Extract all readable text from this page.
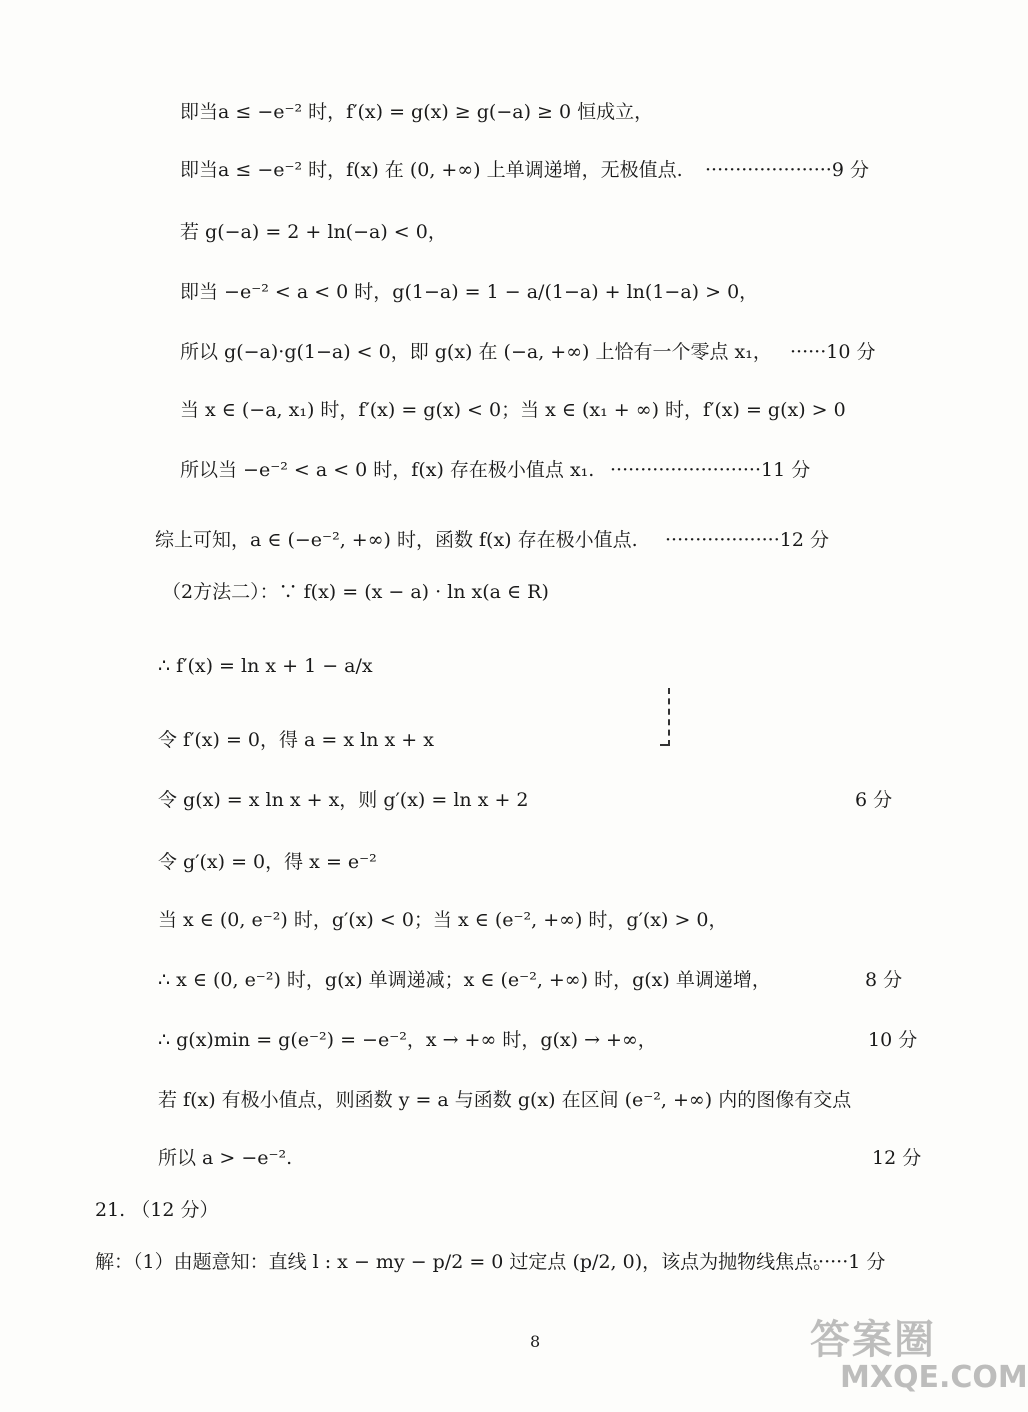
即当a ≤ −e⁻² 时，f′(x) = g(x) ≥ g(−a) ≥ 0 恒成立，
即当a ≤ −e⁻² 时，f(x) 在 (0, +∞) 上单调递增，无极值点. ·····················9 分
若 g(−a) = 2 + ln(−a) < 0，
即当 −e⁻² < a < 0 时，g(1−a) = 1 − a/(1−a) + ln(1−a) > 0，
所以 g(−a)·g(1−a) < 0，即 g(x) 在 (−a, +∞) 上恰有一个零点 x₁， ······10 分
当 x ∈ (−a, x₁) 时，f′(x) = g(x) < 0；当 x ∈ (x₁ + ∞) 时，f′(x) = g(x) > 0
所以当 −e⁻² < a < 0 时，f(x) 存在极小值点 x₁. ·························11 分
综上可知，a ∈ (−e⁻², +∞) 时，函数 f(x) 存在极小值点. ···················12 分
（2方法二）：∵ f(x) = (x − a) · ln x(a ∈ R)
∴ f′(x) = ln x + 1 − a/x
令 f′(x) = 0，得 a = x ln x + x
令 g(x) = x ln x + x，则 g′(x) = ln x + 2	6 分
令 g′(x) = 0，得 x = e⁻²
当 x ∈ (0, e⁻²) 时，g′(x) < 0；当 x ∈ (e⁻², +∞) 时，g′(x) > 0，
∴ x ∈ (0, e⁻²) 时，g(x) 单调递减；x ∈ (e⁻², +∞) 时，g(x) 单调递增，	8 分
∴ g(x)min = g(e⁻²) = −e⁻²，x → +∞ 时，g(x) → +∞，	10 分
若 f(x) 有极小值点，则函数 y = a 与函数 g(x) 在区间 (e⁻², +∞) 内的图像有交点
所以 a > −e⁻².	12 分
21. （12 分）
解：（1）由题意知：直线 l : x − my − p/2 = 0 过定点 (p/2, 0)，该点为抛物线焦点。
······1 分
8	答案圈
MXQE.COM
